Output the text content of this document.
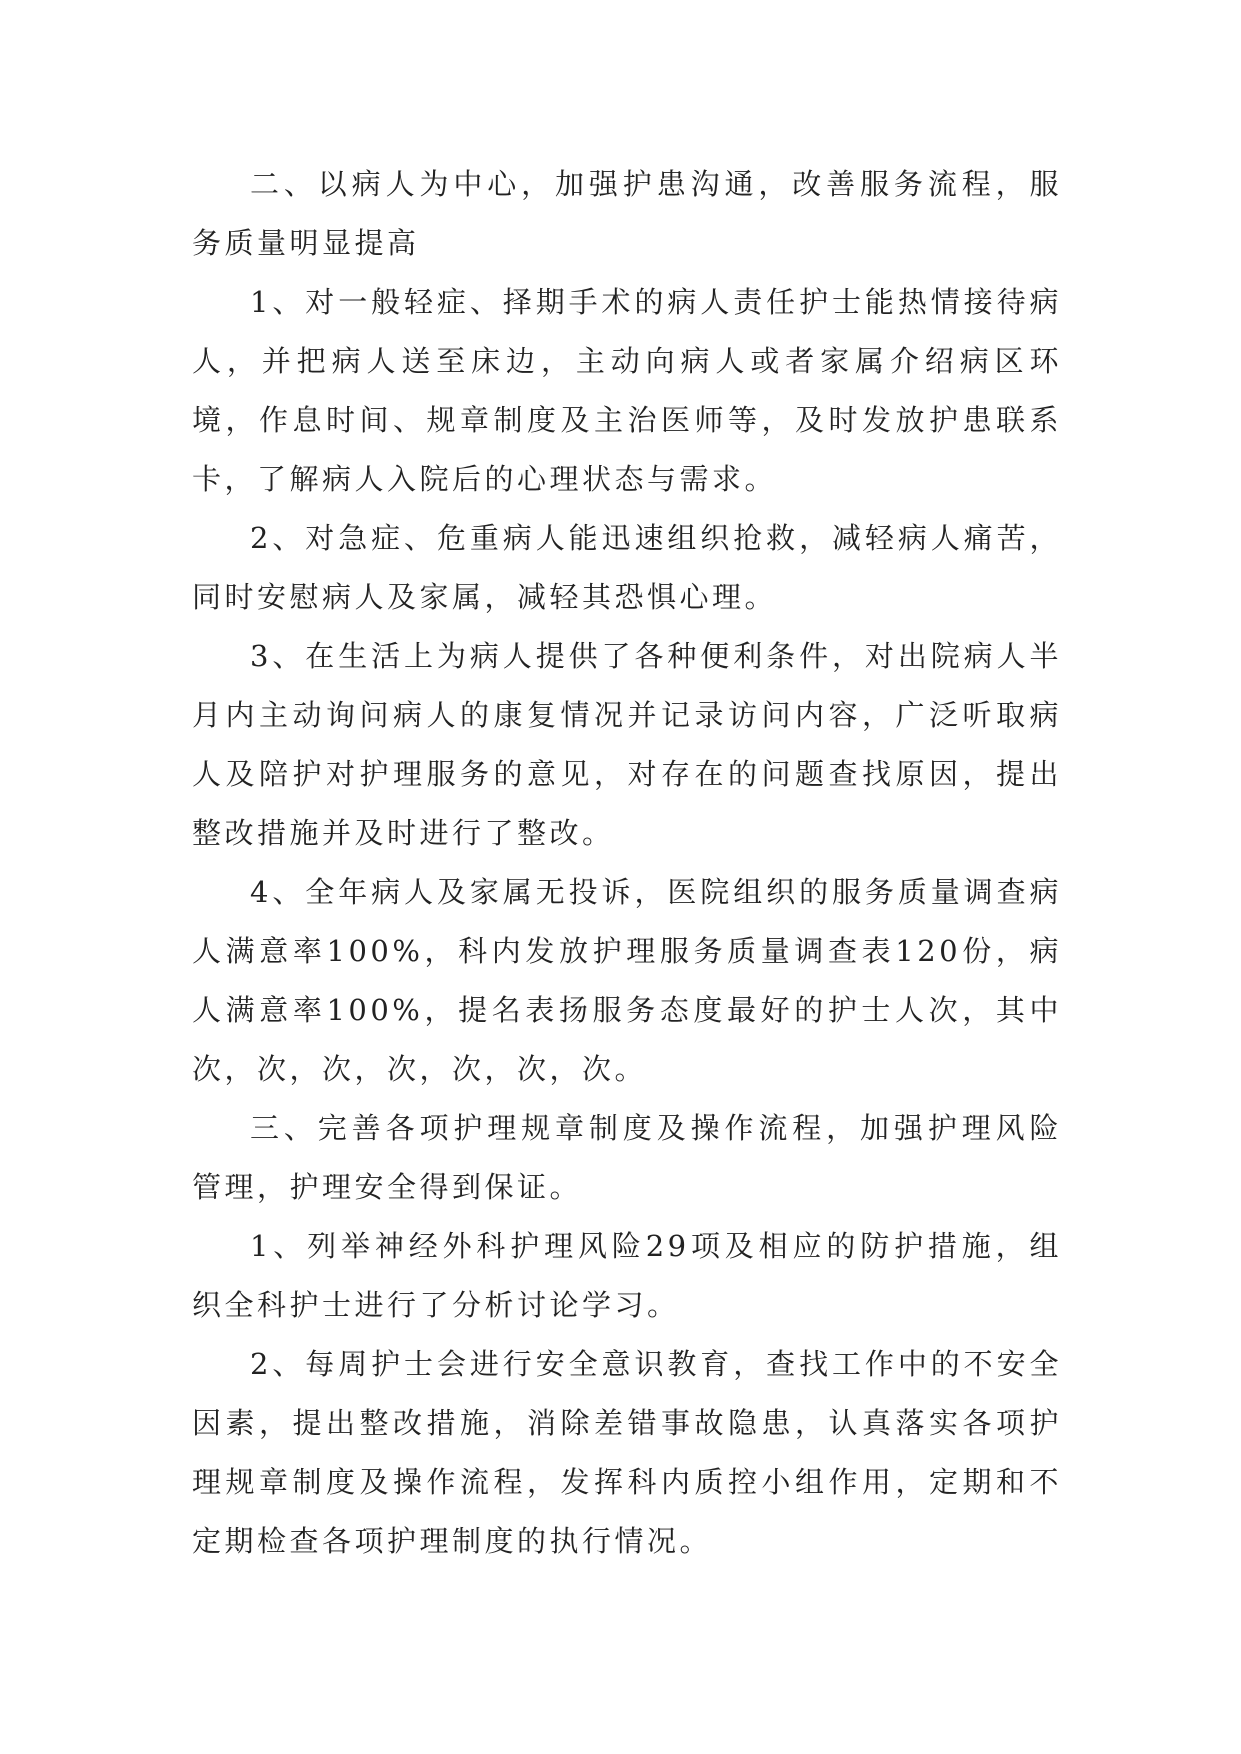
二、以病人为中心，加强护患沟通，改善服务流程，服务质量明显提高

1、对一般轻症、择期手术的病人责任护士能热情接待病人，并把病人送至床边，主动向病人或者家属介绍病区环境，作息时间、规章制度及主治医师等，及时发放护患联系卡，了解病人入院后的心理状态与需求。

2、对急症、危重病人能迅速组织抢救，减轻病人痛苦，同时安慰病人及家属，减轻其恐惧心理。

3、在生活上为病人提供了各种便利条件，对出院病人半月内主动询问病人的康复情况并记录访问内容，广泛听取病人及陪护对护理服务的意见，对存在的问题查找原因，提出整改措施并及时进行了整改。

4、全年病人及家属无投诉，医院组织的服务质量调查病人满意率100%，科内发放护理服务质量调查表120份，病人满意率100%，提名表扬服务态度最好的护士人次，其中次，次，次，次，次，次，次。

三、完善各项护理规章制度及操作流程，加强护理风险管理，护理安全得到保证。

1、列举神经外科护理风险29项及相应的防护措施，组织全科护士进行了分析讨论学习。

2、每周护士会进行安全意识教育，查找工作中的不安全因素，提出整改措施，消除差错事故隐患，认真落实各项护理规章制度及操作流程，发挥科内质控小组作用，定期和不定期检查各项护理制度的执行情况。
